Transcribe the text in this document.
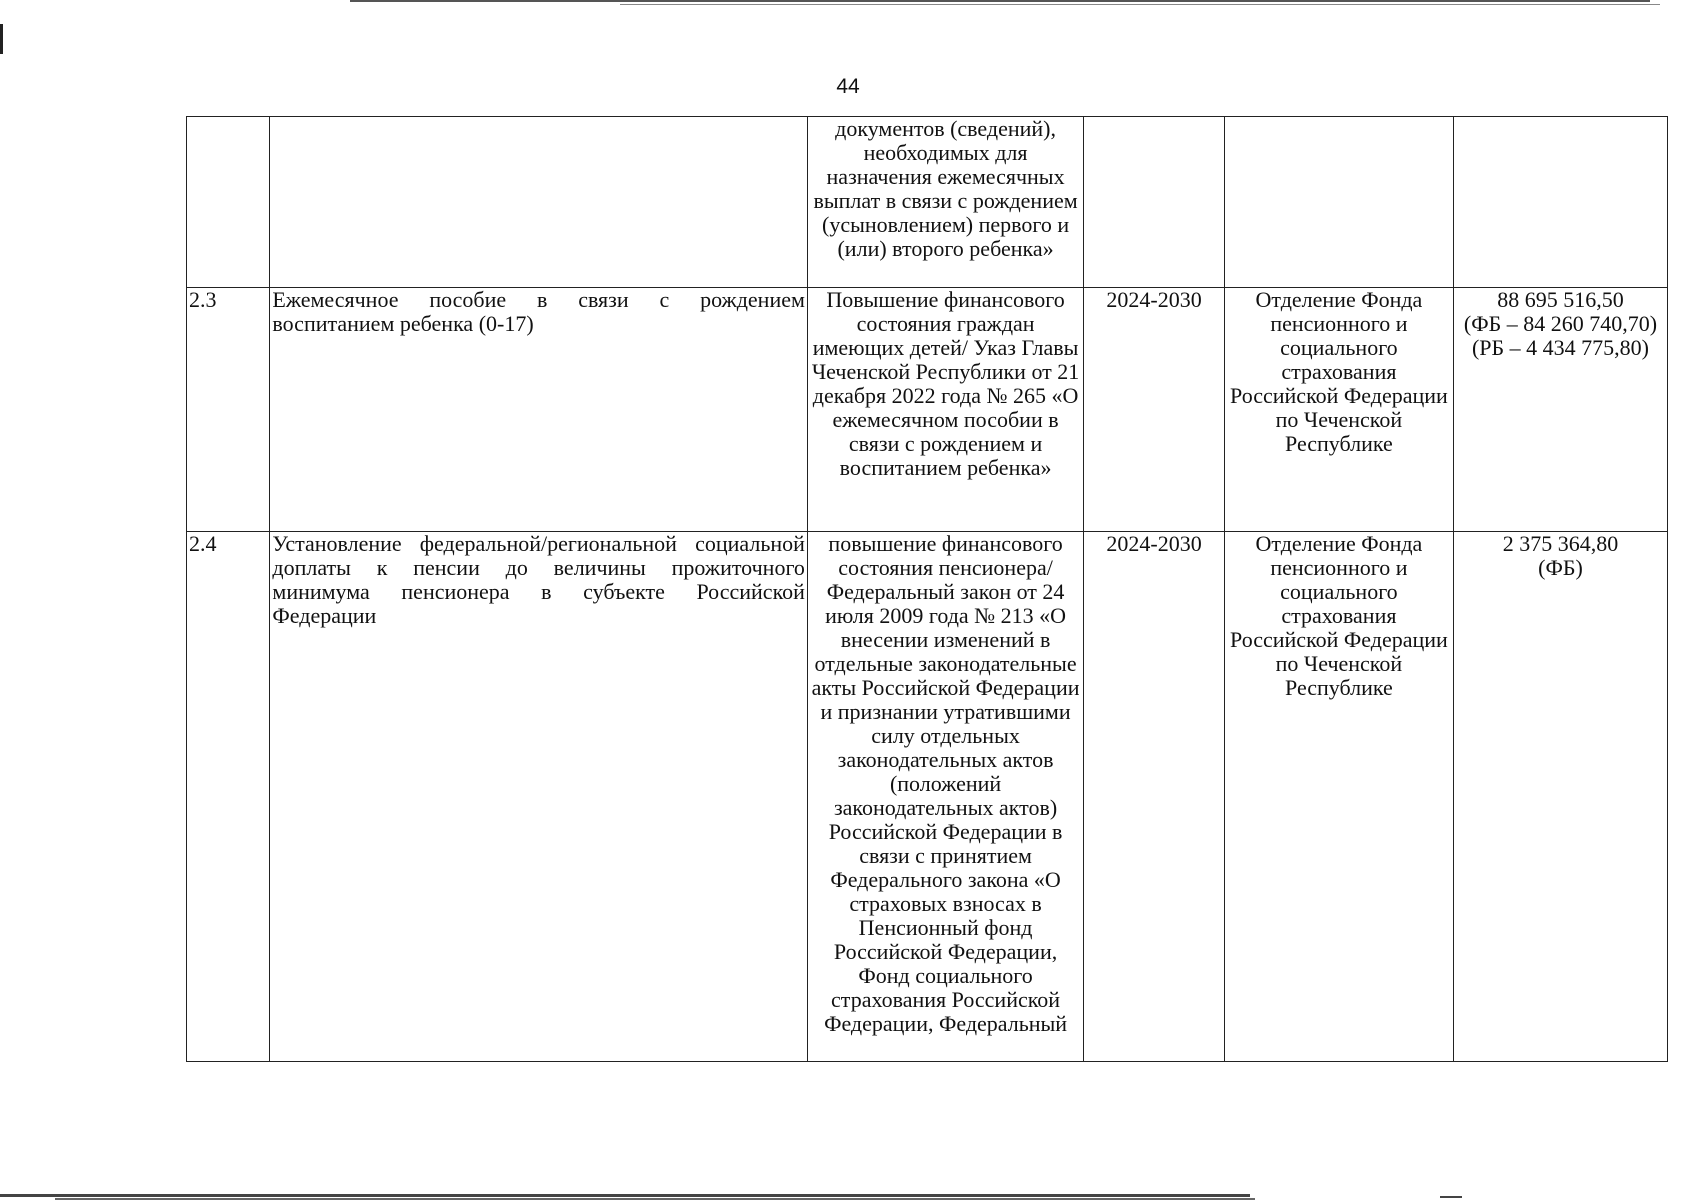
44
		документов (сведений), необходимых для назначения ежемесячных выплат в связи с рождением (усыновлением) первого и (или) второго ребенка»			

2.3	Ежемесячное пособие в связи с рождением воспитанием ребенка (0-17)	Повышение финансового состояния граждан имеющих детей/ Указ Главы Чеченской Республики от 21 декабря 2022 года № 265 «О ежемесячном пособии в связи с рождением и воспитанием ребенка»	2024-2030	Отделение Фонда пенсионного и социального страхования Российской Федерации по Чеченской Республике	88 695 516,50
(ФБ – 84 260 740,70)
(РБ – 4 434 775,80)

2.4	Установление федеральной/региональной социальной доплаты к пенсии до величины прожиточного минимума пенсионера в субъекте Российской Федерации	повышение финансового состояния пенсионера/ Федеральный закон от 24 июля 2009 года № 213 «О внесении изменений в отдельные законодательные акты Российской Федерации и признании утратившими силу отдельных законодательных актов (положений законодательных актов) Российской Федерации в связи с принятием Федерального закона «О страховых взносах в Пенсионный фонд Российской Федерации, Фонд социального страхования Российской Федерации, Федеральный	2024-2030	Отделение Фонда пенсионного и социального страхования Российской Федерации по Чеченской Республике	2 375 364,80
(ФБ)
